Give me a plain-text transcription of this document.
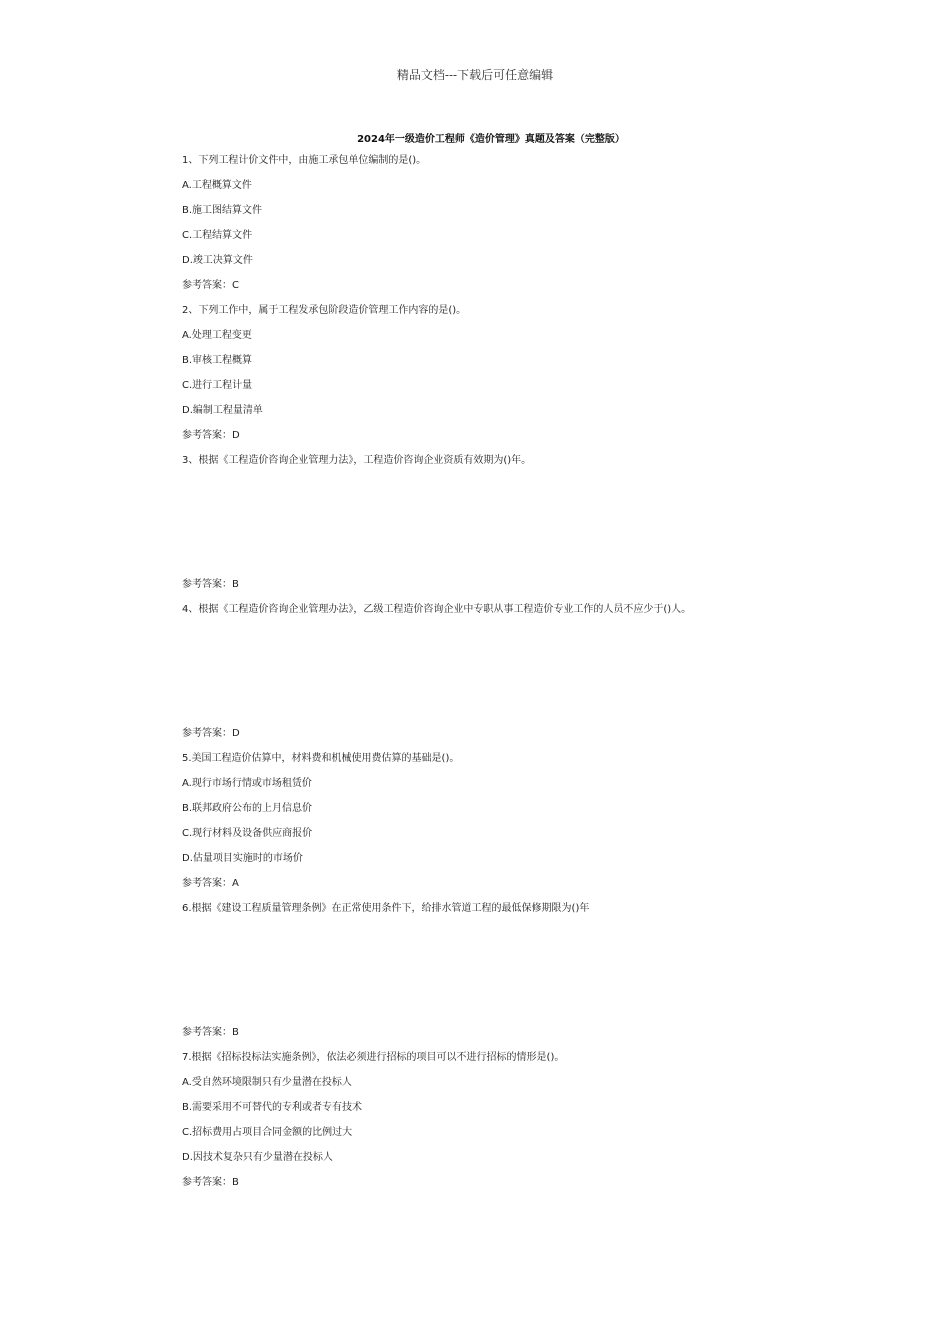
精品文档---下载后可任意编辑
2024年一级造价工程师《造价管理》真题及答案（完整版）
1、下列工程计价文件中，由施工承包单位编制的是()。
A.工程概算文件
B.施工图结算文件
C.工程结算文件
D.竣工决算文件
参考答案：C
2、下列工作中，属于工程发承包阶段造价管理工作内容的是()。
A.处理工程变更
B.审核工程概算
C.进行工程计量
D.编制工程量清单
参考答案：D
3、根据《工程造价咨询企业管理力法》，工程造价咨询企业资质有效期为()年。
参考答案：B
4、根据《工程造价咨询企业管理办法》，乙级工程造价咨询企业中专职从事工程造价专业工作的人员不应少于()人。
参考答案：D
5.美国工程造价估算中，材料费和机械使用费估算的基础是()。
A.现行市场行情或市场租赁价
B.联邦政府公布的上月信息价
C.现行材料及设备供应商报价
D.估量项目实施时的市场价
参考答案：A
6.根据《建设工程质量管理条例》在正常使用条件下，给排水管道工程的最低保修期限为()年
参考答案：B
7.根据《招标投标法实施条例》，依法必须进行招标的项目可以不进行招标的情形是()。
A.受自然环境限制只有少量潜在投标人
B.需要采用不可替代的专利或者专有技术
C.招标费用占项目合同金额的比例过大
D.因技术复杂只有少量潜在投标人
参考答案：B
